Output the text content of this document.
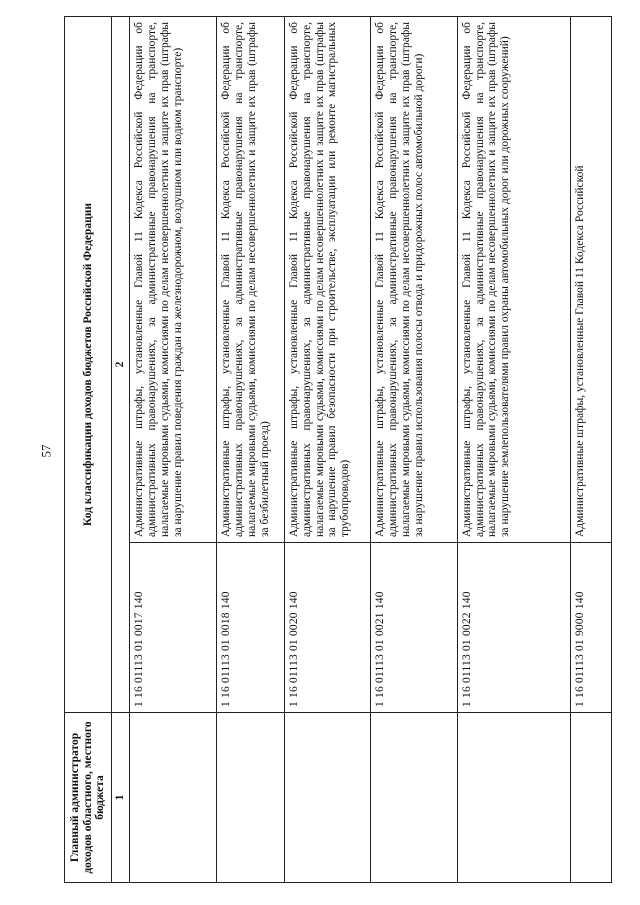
57
Главный администратор доходов областного, местного бюджета	Код классификации доходов бюджетов Российской Федерации	
1	2	
	1 16 01113 01 0017 140	Административные штрафы, установленные Главой 11 Кодекса Российской Федерации об административных правонарушениях, за административные правонарушения на транспорте, налагаемые мировыми судьями, комиссиями по делам несовершеннолетних и защите их прав (штрафы за нарушение правил поведения граждан на железнодорожном, воздушном или водном транспорте)
	1 16 01113 01 0018 140	Административные штрафы, установленные Главой 11 Кодекса Российской Федерации об административных правонарушениях, за административные правонарушения на транспорте, налагаемые мировыми судьями, комиссиями по делам несовершеннолетних и защите их прав (штрафы за безбилетный проезд)
	1 16 01113 01 0020 140	Административные штрафы, установленные Главой 11 Кодекса Российской Федерации об административных правонарушениях, за административные правонарушения на транспорте, налагаемые мировыми судьями, комиссиями по делам несовершеннолетних и защите их прав (штрафы за нарушение правил безопасности при строительстве, эксплуатации или ремонте магистральных трубопроводов)
	1 16 01113 01 0021 140	Административные штрафы, установленные Главой 11 Кодекса Российской Федерации об административных правонарушениях, за административные правонарушения на транспорте, налагаемые мировыми судьями, комиссиями по делам несовершеннолетних и защите их прав (штрафы за нарушение правил использования полосы отвода и придорожных полос автомобильной дороги)
	1 16 01113 01 0022 140	Административные штрафы, установленные Главой 11 Кодекса Российской Федерации об административных правонарушениях, за административные правонарушения на транспорте, налагаемые мировыми судьями, комиссиями по делам несовершеннолетних и защите их прав (штрафы за нарушение землепользователями правил охраны автомобильных дорог или дорожных сооружений)
	1 16 01113 01 9000 140	Административные штрафы, установленные Главой 11 Кодекса Российской
